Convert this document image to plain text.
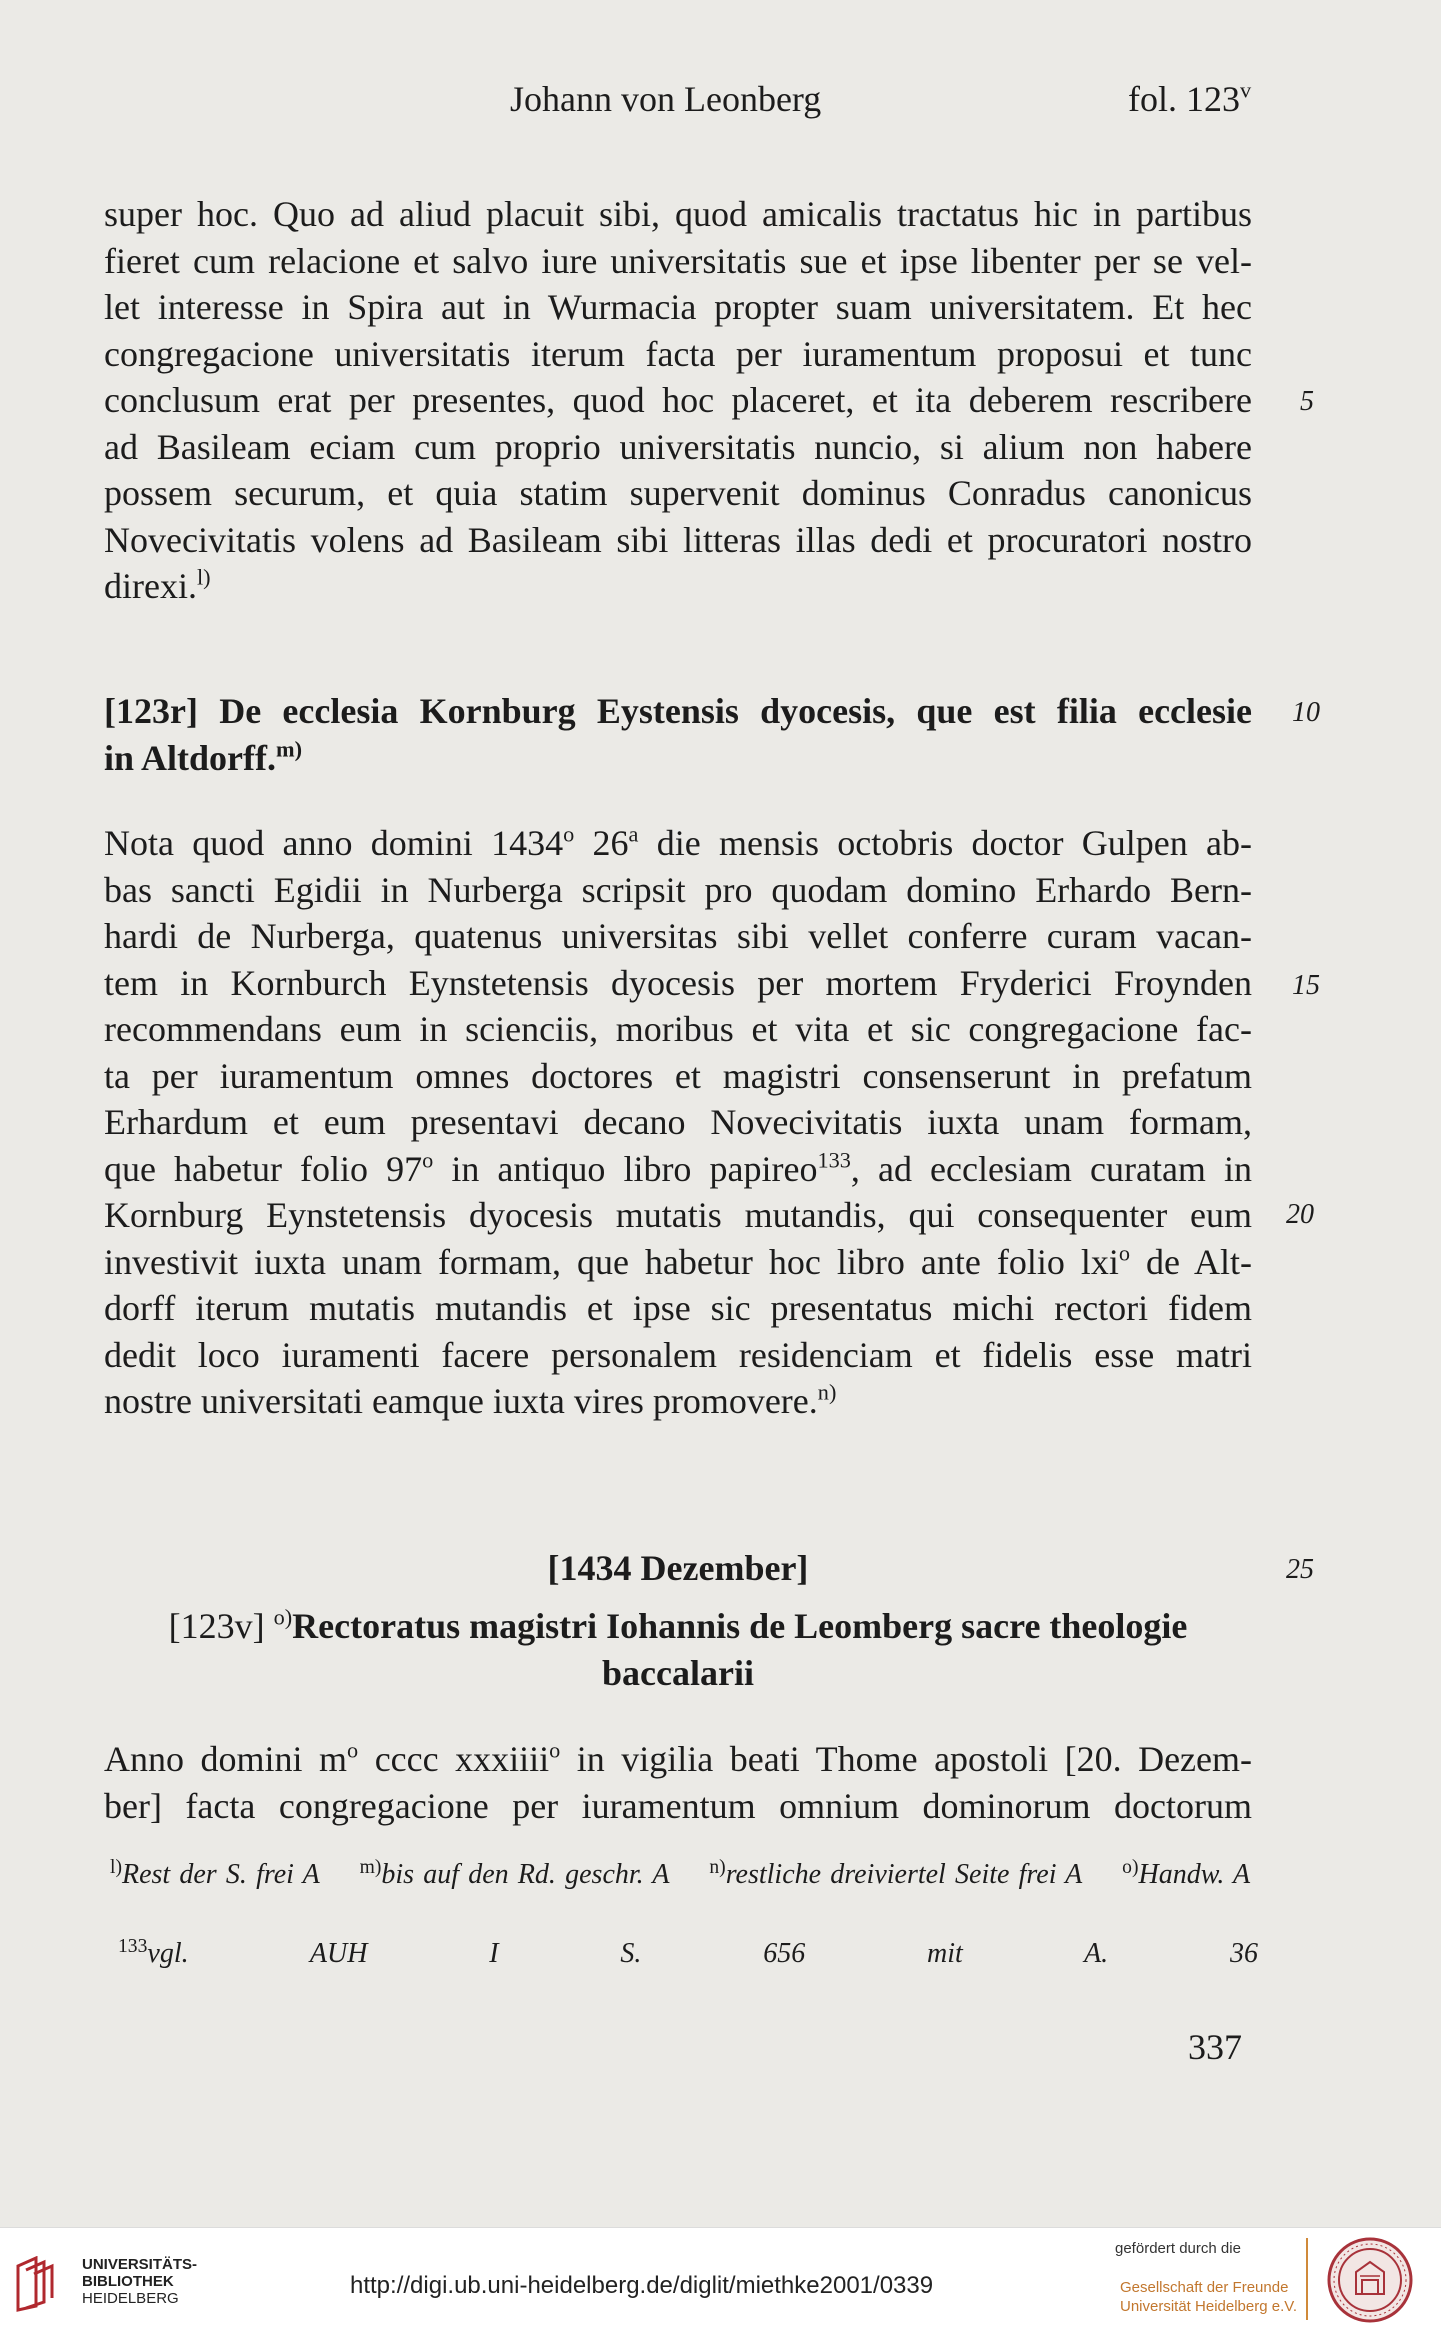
Johann von Leonberg	fol. 123$^v$
super hoc. Quo ad aliud placuit sibi, quod amicalis tractatus hic in partibus
fieret cum relacione et salvo iure universitatis sue et ipse libenter per se vel-
let interesse in Spira aut in Wurmacia propter suam universitatem. Et hec
congregacione universitatis iterum facta per iuramentum proposui et tunc
conclusum erat per presentes, quod hoc placeret, et ita deberem rescribere
ad Basileam eciam cum proprio universitatis nuncio, si alium non habere
possem securum, et quia statim supervenit dominus Conradus canonicus
Novecivitatis volens ad Basileam sibi litteras illas dedi et procuratori nostro
direxi.$^{l)}$
[123r] De ecclesia Kornburg Eystensis dyocesis, que est filia ecclesie
in Altdorff.$^{m)}$
Nota quod anno domini 1434$^o$ 26$^a$ die mensis octobris doctor Gulpen ab-
bas sancti Egidii in Nurberga scripsit pro quodam domino Erhardo Bern-
hardi de Nurberga, quatenus universitas sibi vellet conferre curam vacan-
tem in Kornburch Eynstetensis dyocesis per mortem Fryderici Froynden
recommendans eum in scienciis, moribus et vita et sic congregacione fac-
ta per iuramentum omnes doctores et magistri consenserunt in prefatum
Erhardum et eum presentavi decano Novecivitatis iuxta unam formam,
que habetur folio 97$^o$ in antiquo libro papireo$^{133}$, ad ecclesiam curatam in
Kornburg Eynstetensis dyocesis mutatis mutandis, qui consequenter eum
investivit iuxta unam formam, que habetur hoc libro ante folio lxi$^o$ de Alt-
dorff iterum mutatis mutandis et ipse sic presentatus michi rectori fidem
dedit loco iuramenti facere personalem residenciam et fidelis esse matri
nostre universitati eamque iuxta vires promovere.$^{n)}$
[1434 Dezember]
[123v] $^{o)}$Rectoratus magistri Iohannis de Leomberg sacre theologie
baccalarii
Anno domini $m^o$ cccc xxxiiii$^o$ in vigilia beati Thome apostoli [20. Dezem-
ber] facta congregacione per iuramentum omnium dominorum doctorum
5
10
15
20
25
$^{l)}$Rest der S. frei A $^{m)}$bis auf den Rd. geschr. A $^{n)}$restliche dreiviertel Seite frei A $^{o)}$Handw. A
$^{133}$vgl. AUH I S. 656 mit A. 36
337
UNIVERSITÄTS-
BIBLIOTHEK
HEIDELBERG	http://digi.ub.uni-heidelberg.de/diglit/miethke2001/0339
gefördert durch die
Gesellschaft der Freunde
Universität Heidelberg e.V.
